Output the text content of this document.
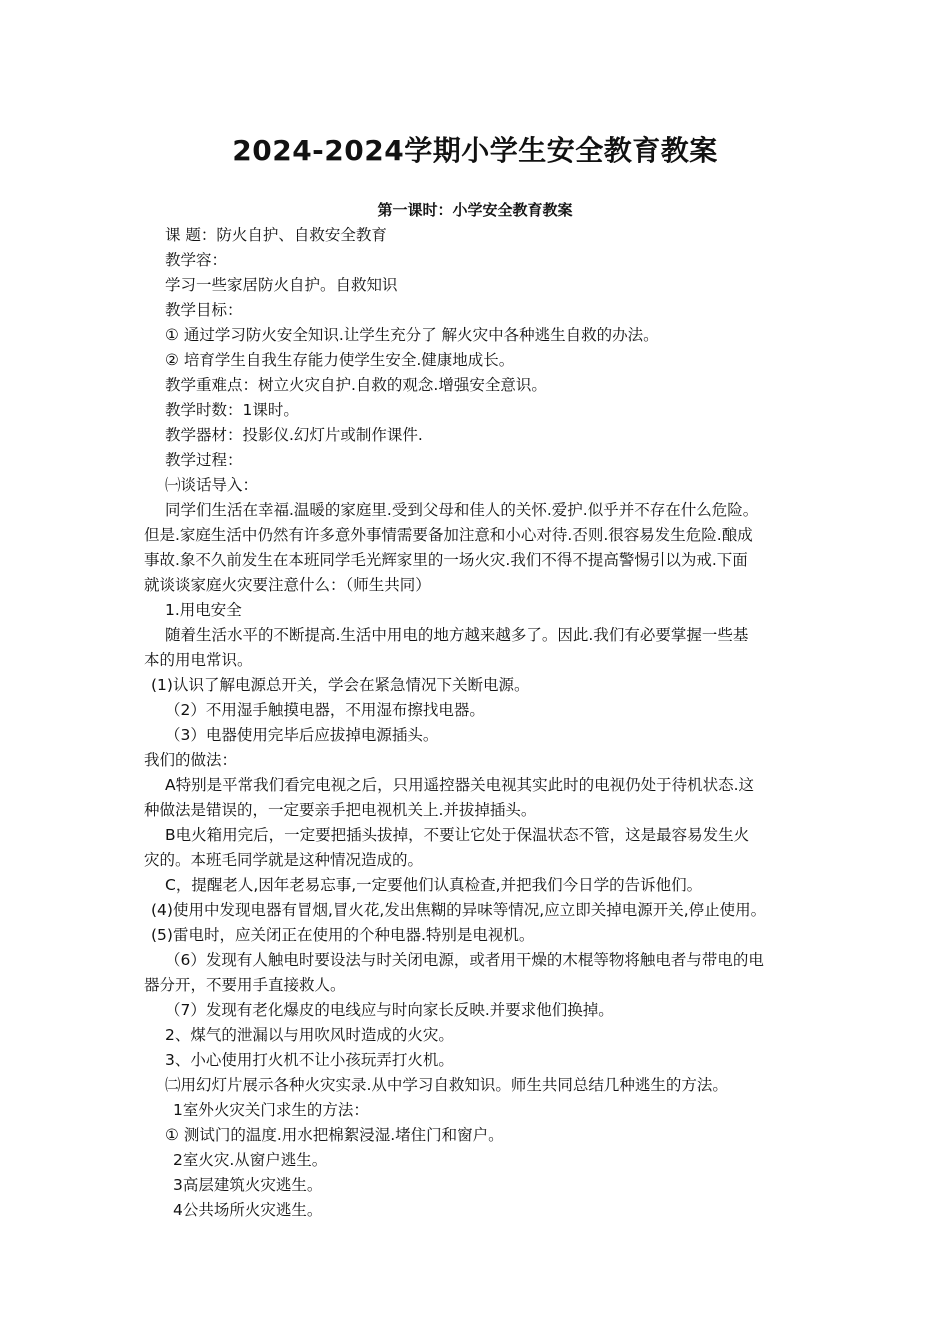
2024-2024学期小学生安全教育教案
第一课时：小学安全教育教案
课 题：防火自护、自救安全教育
教学容：
学习一些家居防火自护。自救知识
教学目标：
① 通过学习防火安全知识.让学生充分了 解火灾中各种逃生自救的办法。
② 培育学生自我生存能力使学生安全.健康地成长。
教学重难点：树立火灾自护.自救的观念.增强安全意识。
教学时数：1课时。
教学器材：投影仪.幻灯片或制作课件.
教学过程：
㈠谈话导入：
同学们生活在幸福.温暖的家庭里.受到父母和佳人的关怀.爱护.似乎并不存在什么危险。
但是.家庭生活中仍然有许多意外事情需要备加注意和小心对待.否则.很容易发生危险.酿成
事故.象不久前发生在本班同学毛光辉家里的一场火灾.我们不得不提高警惕引以为戒.下面
就谈谈家庭火灾要注意什么：（师生共同）
1.用电安全
随着生活水平的不断提高.生活中用电的地方越来越多了。因此.我们有必要掌握一些基
本的用电常识。
(1)认识了解电源总开关，学会在紧急情况下关断电源。
（2）不用湿手触摸电器，不用湿布擦找电器。
（3）电器使用完毕后应拔掉电源插头。
我们的做法：
A特别是平常我们看完电视之后，只用遥控器关电视其实此时的电视仍处于待机状态.这
种做法是错误的，一定要亲手把电视机关上.并拔掉插头。
B电火箱用完后，一定要把插头拔掉，不要让它处于保温状态不管，这是最容易发生火
灾的。本班毛同学就是这种情况造成的。
C，提醒老人,因年老易忘事,一定要他们认真检查,并把我们今日学的告诉他们。
(4)使用中发现电器有冒烟,冒火花,发出焦糊的异味等情况,应立即关掉电源开关,停止使用。
(5)雷电时，应关闭正在使用的个种电器.特别是电视机。
（6）发现有人触电时要设法与时关闭电源，或者用干燥的木棍等物将触电者与带电的电
器分开，不要用手直接救人。
（7）发现有老化爆皮的电线应与时向家长反映.并要求他们换掉。
2、煤气的泄漏以与用吹风时造成的火灾。
3、小心使用打火机不让小孩玩弄打火机。
㈡用幻灯片展示各种火灾实录.从中学习自救知识。师生共同总结几种逃生的方法。
1室外火灾关门求生的方法：
① 测试门的温度.用水把棉絮浸湿.堵住门和窗户。
2室火灾.从窗户逃生。
3高层建筑火灾逃生。
4公共场所火灾逃生。
